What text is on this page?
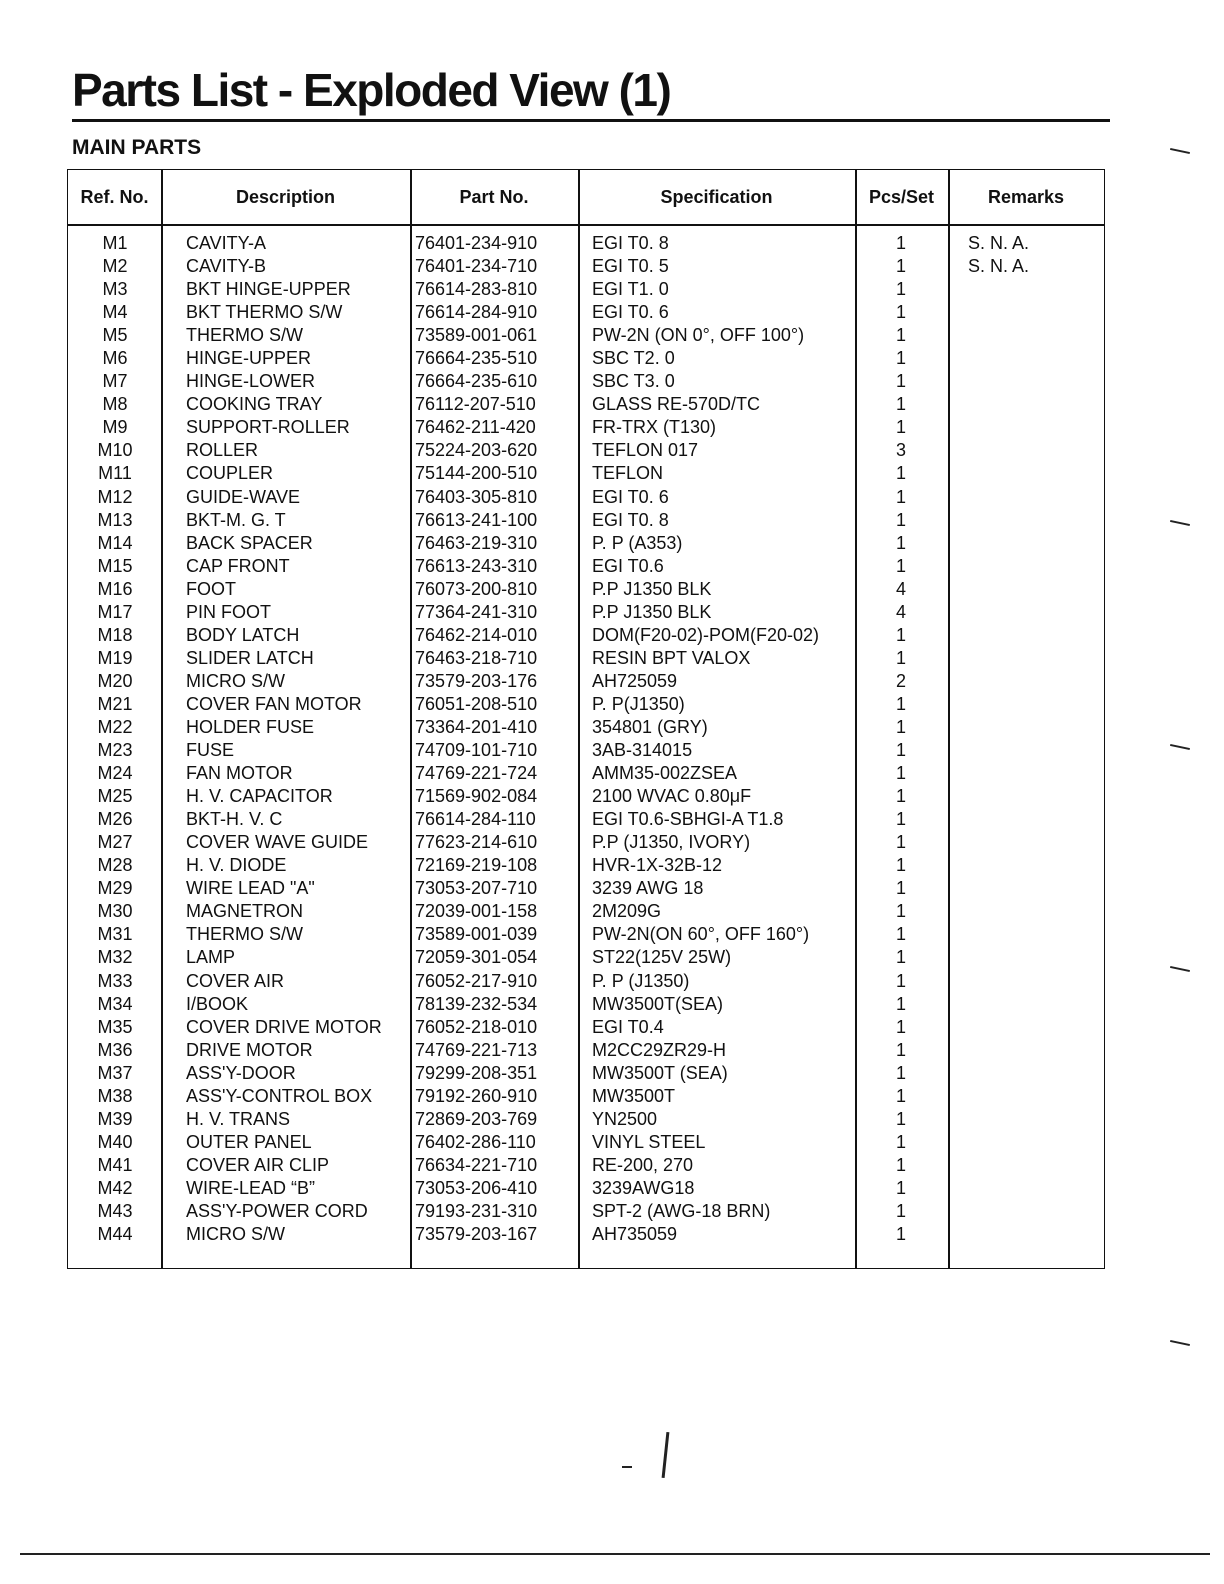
Parts List - Exploded View (1)
MAIN PARTS
Ref. No.	Description	Part No.	Specification	Pcs/Set	Remarks
M1	CAVITY-A	76401-234-910	EGI T0. 8	1	S. N. A.
M2	CAVITY-B	76401-234-710	EGI T0. 5	1	S. N. A.
M3	BKT HINGE-UPPER	76614-283-810	EGI T1. 0	1
M4	BKT THERMO S/W	76614-284-910	EGI T0. 6	1
M5	THERMO S/W	73589-001-061	PW-2N (ON 0°, OFF 100°)	1
M6	HINGE-UPPER	76664-235-510	SBC T2. 0	1
M7	HINGE-LOWER	76664-235-610	SBC T3. 0	1
M8	COOKING TRAY	76112-207-510	GLASS RE-570D/TC	1
M9	SUPPORT-ROLLER	76462-211-420	FR-TRX (T130)	1
M10	ROLLER	75224-203-620	TEFLON 017	3
M11	COUPLER	75144-200-510	TEFLON	1
M12	GUIDE-WAVE	76403-305-810	EGI T0. 6	1
M13	BKT-M. G. T	76613-241-100	EGI T0. 8	1
M14	BACK SPACER	76463-219-310	P. P (A353)	1
M15	CAP FRONT	76613-243-310	EGI T0.6	1
M16	FOOT	76073-200-810	P.P J1350 BLK	4
M17	PIN FOOT	77364-241-310	P.P J1350 BLK	4
M18	BODY LATCH	76462-214-010	DOM(F20-02)-POM(F20-02)	1
M19	SLIDER LATCH	76463-218-710	RESIN BPT VALOX	1
M20	MICRO S/W	73579-203-176	AH725059	2
M21	COVER FAN MOTOR	76051-208-510	P. P(J1350)	1
M22	HOLDER FUSE	73364-201-410	354801 (GRY)	1
M23	FUSE	74709-101-710	3AB-314015	1
M24	FAN MOTOR	74769-221-724	AMM35-002ZSEA	1
M25	H. V. CAPACITOR	71569-902-084	2100 WVAC 0.80μF	1
M26	BKT-H. V. C	76614-284-110	EGI T0.6-SBHGI-A T1.8	1
M27	COVER WAVE GUIDE	77623-214-610	P.P (J1350, IVORY)	1
M28	H. V. DIODE	72169-219-108	HVR-1X-32B-12	1
M29	WIRE LEAD "A"	73053-207-710	3239 AWG 18	1
M30	MAGNETRON	72039-001-158	2M209G	1
M31	THERMO S/W	73589-001-039	PW-2N(ON 60°, OFF 160°)	1
M32	LAMP	72059-301-054	ST22(125V 25W)	1
M33	COVER AIR	76052-217-910	P. P (J1350)	1
M34	I/BOOK	78139-232-534	MW3500T(SEA)	1
M35	COVER DRIVE MOTOR 76052-218-010	EGI T0.4	1
M36	DRIVE MOTOR	74769-221-713	M2CC29ZR29-H	1
M37	ASS'Y-DOOR	79299-208-351	MW3500T (SEA)	1
M38	ASS'Y-CONTROL BOX 79192-260-910	MW3500T	1
M39	H. V. TRANS	72869-203-769	YN2500	1
M40	OUTER PANEL	76402-286-110	VINYL STEEL	1
M41	COVER AIR CLIP	76634-221-710	RE-200, 270	1
M42	WIRE-LEAD “B”	73053-206-410	3239AWG18	1
M43	ASS'Y-POWER CORD	79193-231-310	SPT-2 (AWG-18 BRN)	1
M44	MICRO S/W	73579-203-167	AH735059	1
